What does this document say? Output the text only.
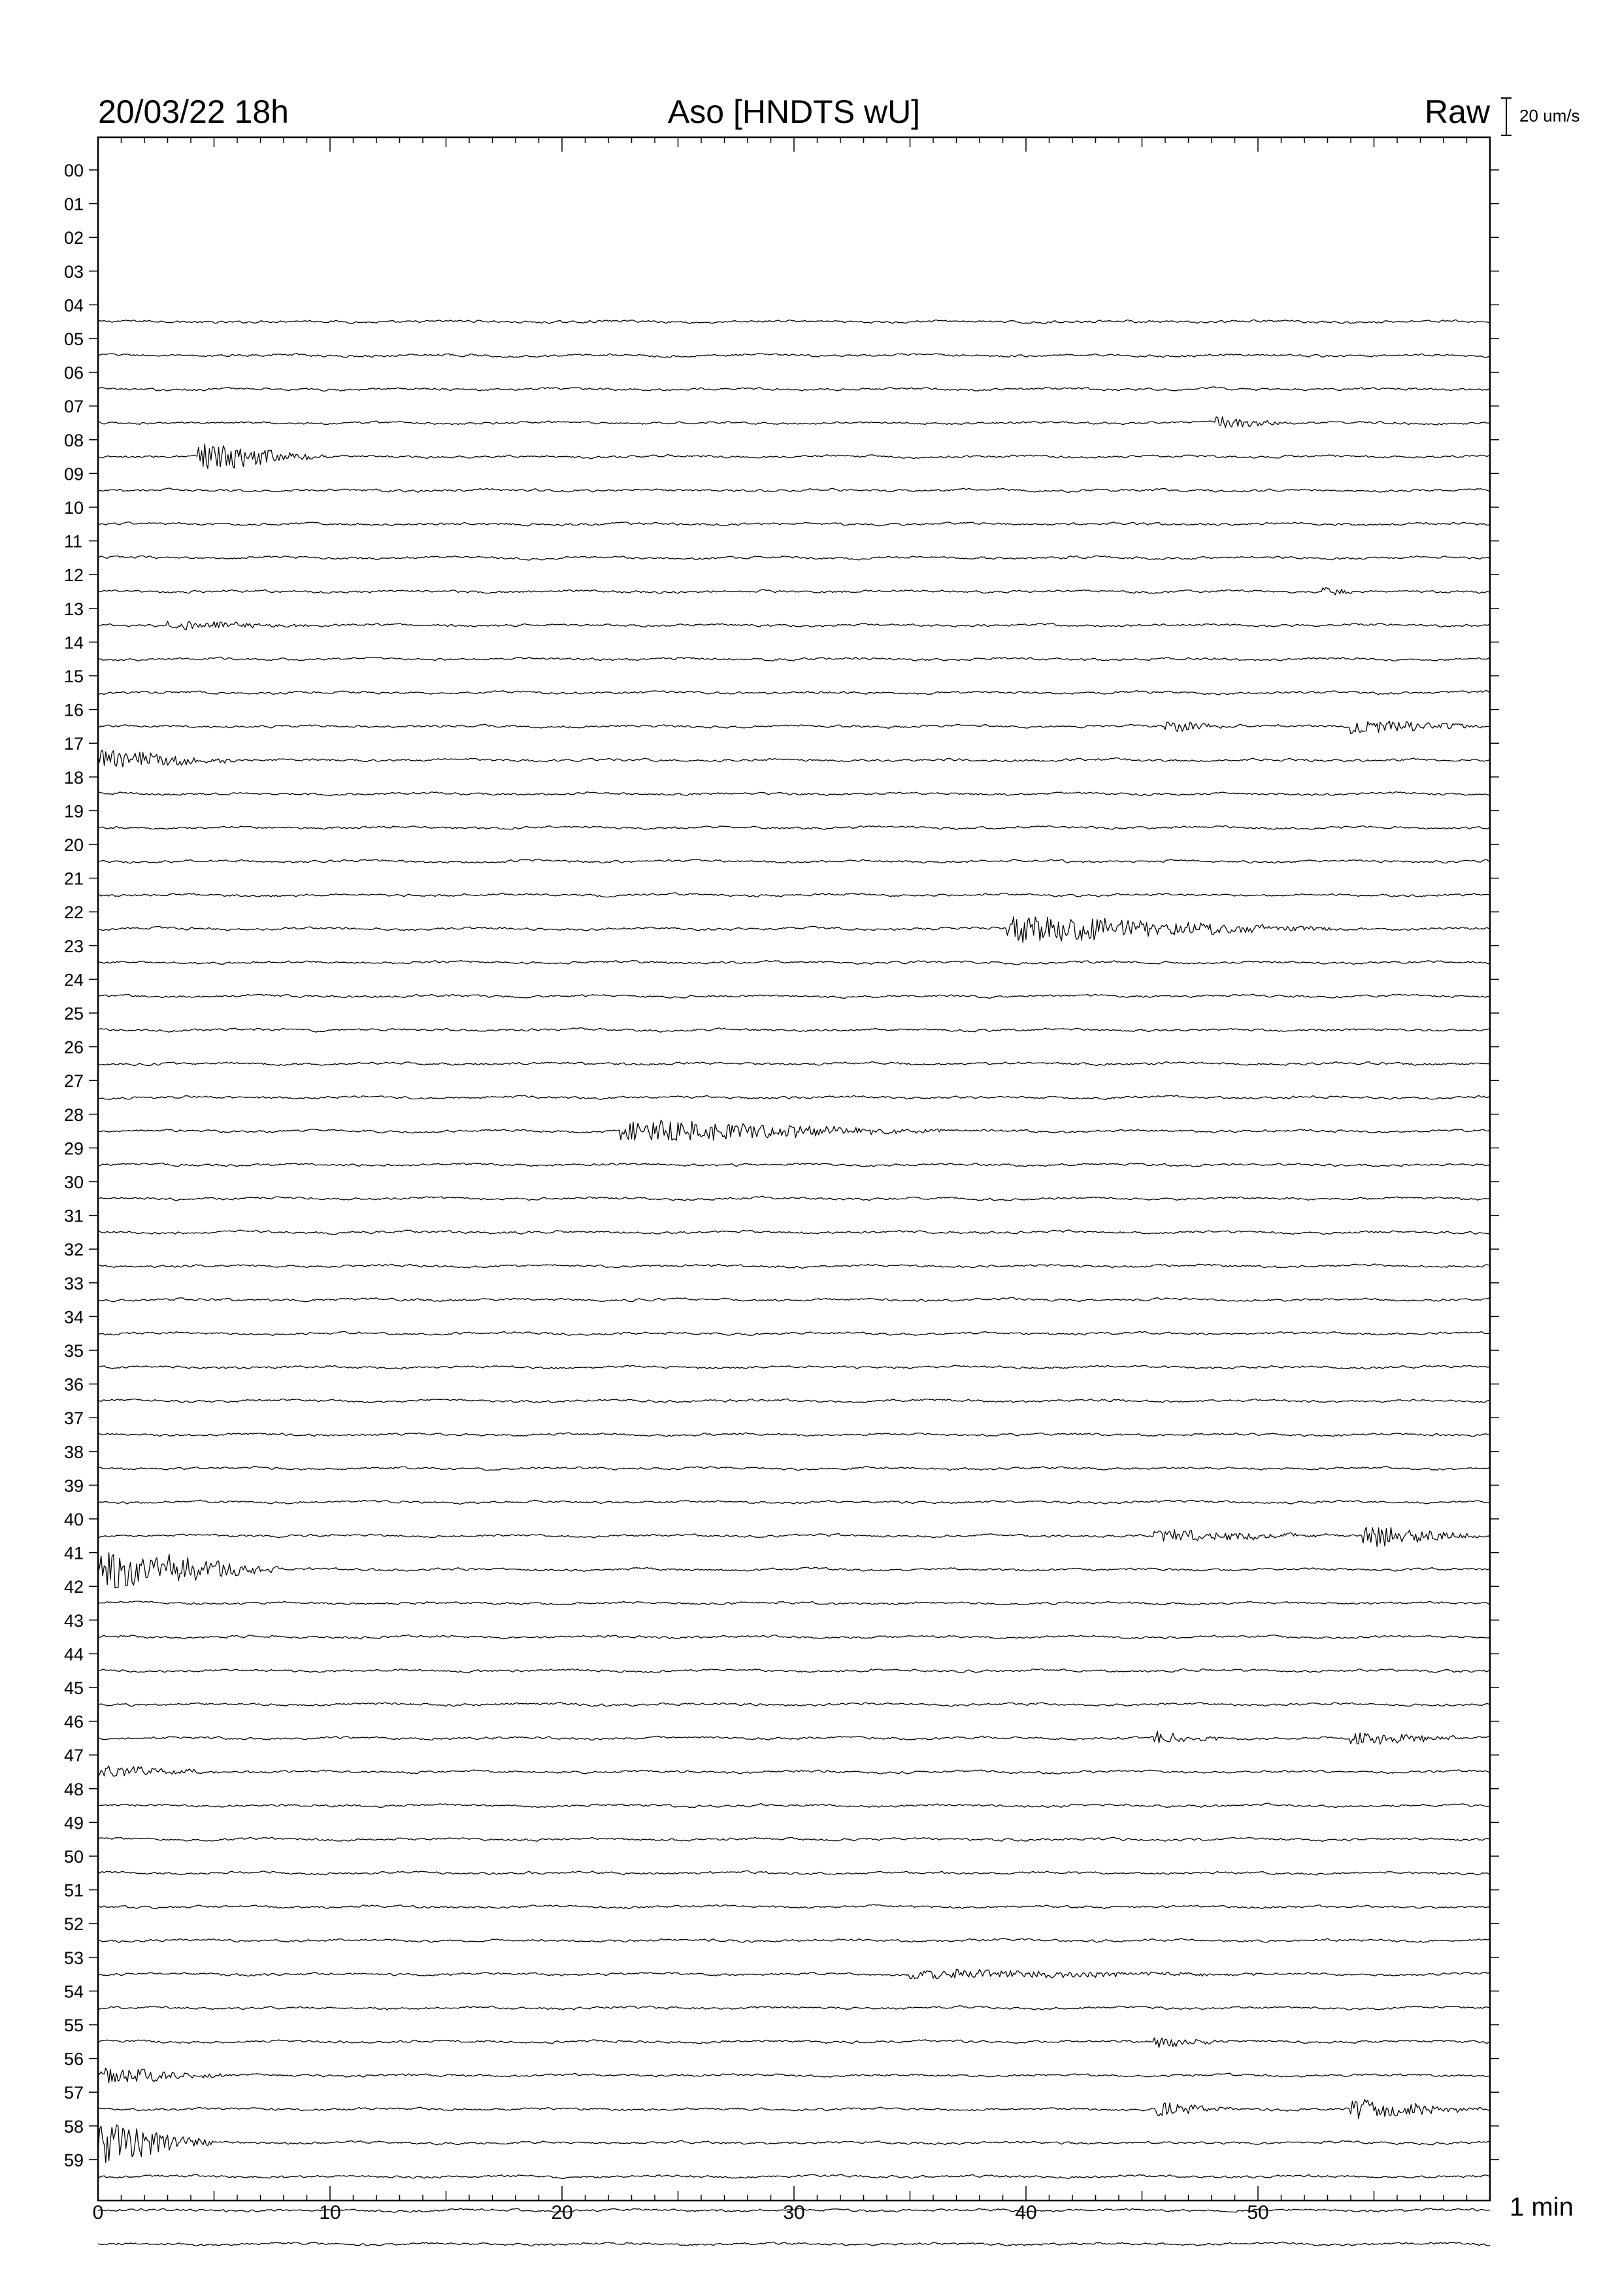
20/03/22 18h	Aso [HNDTS wU]	Raw 20 um/s
1 min
00
01
02
03
04
05
06
07
08
09
10
11
12
13
14
15
16
17
18
19
20
21
22
23
24
25
26
27
28
29
30
31
32
33
34
35
36
37
38
39
40
41
42
43
44
45
46
47
48
49
50
51
52
53
54
55
56
57
58
59
0	10	20	30	40	50
